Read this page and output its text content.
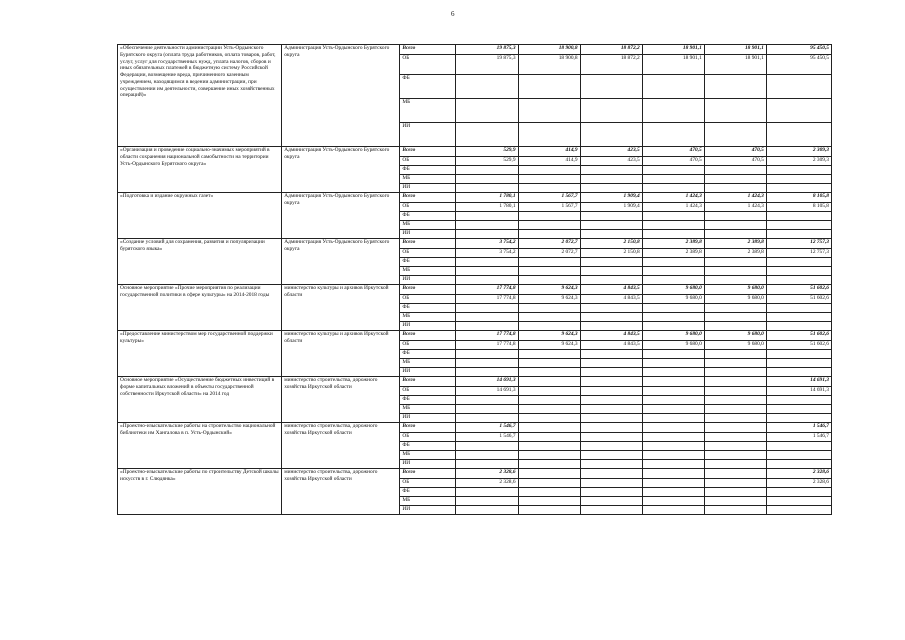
6
«Обеспечение деятельности администрации Усть-Ордынского Бурятского округа (оплата труда работников, оплата товаров, работ, услуг, услуг для государственных нужд, уплата налогов, сборов и иных обязательных платежей в бюджетную систему Российской Федерации, возмещение вреда, причиненного казенным учреждением, находящимся в ведении администрации, при осуществлении им деятельности, совершение иных хозяйственных операций)»	Администрация Усть-Ордынского Бурятского округа	Всего	19 875,3	18 900,8	18 872,2	18 901,1	18 901,1	95 450,5
		ОБ	19 875,3	18 900,8	18 872,2	18 901,1	18 901,1	95 450,5
		ФБ						
		МБ						
		ИИ						
«Организация и проведение социально-значимых мероприятий в области сохранения национальной самобытности на территории Усть-Ордынского Бурятского округа»	Администрация Усть-Ордынского Бурятского округа	Всего	529,9	414,9	423,5	470,5	470,5	2 309,3
		ОБ	529,9	414,9	423,5	470,5	470,5	2 309,3
		ФБ						
		МБ						
		ИИ						
«Подготовка и издание окружных газет»	Администрация Усть-Ордынского Бурятского округа	Всего	1 780,1	1 567,7	1 909,4	1 424,3	1 424,3	8 105,8
		ОБ	1 780,1	1 567,7	1 909,4	1 424,3	1 424,3	8 105,8
		ФБ						
		МБ						
		ИИ						
«Создание условий для сохранения, развития и популяризации бурятского языка»	Администрация Усть-Ордынского Бурятского округа	Всего	3 754,2	2 072,7	2 150,8	2 389,8	2 389,8	12 757,3
		ОБ	3 754,2	2 072,7	2 150,8	2 389,8	2 389,8	12 757,3
		ФБ						
		МБ						
		ИИ						
Основное мероприятие «Прочие мероприятия по реализации государственной политики в сфере культуры» на 2014-2018 годы	министерство культуры и архивов Иркутской области	Всего	17 774,8	9 624,3	4 843,5	9 680,0	9 680,0	51 602,6
		ОБ	17 774,8	9 624,3	4 843,5	9 680,0	9 680,0	51 602,6
		ФБ						
		МБ						
		ИИ						
«Предоставление министерством мер государственной поддержки культуры»	министерство культуры и архивов Иркутской области	Всего	17 774,8	9 624,3	4 843,5	9 680,0	9 680,0	51 602,6
		ОБ	17 774,8	9 624,3	4 843,5	9 680,0	9 680,0	51 602,6
		ФБ						
		МБ						
		ИИ						
Основное мероприятие «Осуществление бюджетных инвестиций в форме капитальных вложений в объекты государственной собственности Иркутской области» на 2014 год	министерство строительства, дорожного хозяйства Иркутской области	Всего	14 691,3					14 691,3
		ОБ	14 691,3					14 691,3
		ФБ						
		МБ						
		ИИ						
«Проектно-изыскательские работы на строительство национальной библиотеки им Хангалова в п. Усть-Ордынский»	министерство строительства, дорожного хозяйства Иркутской области	Всего	1 546,7					1 546,7
		ОБ	1 546,7					1 546,7
		ФБ						
		МБ						
		ИИ						
«Проектно-изыскательские работы по строительству Детской школы искусств в г. Слюдянка»	министерство строительства, дорожного хозяйства Иркутской области	Всего	2 328,6					2 328,6
		ОБ	2 328,6					2 328,6
		ФБ						
		МБ						
		ИИ						
